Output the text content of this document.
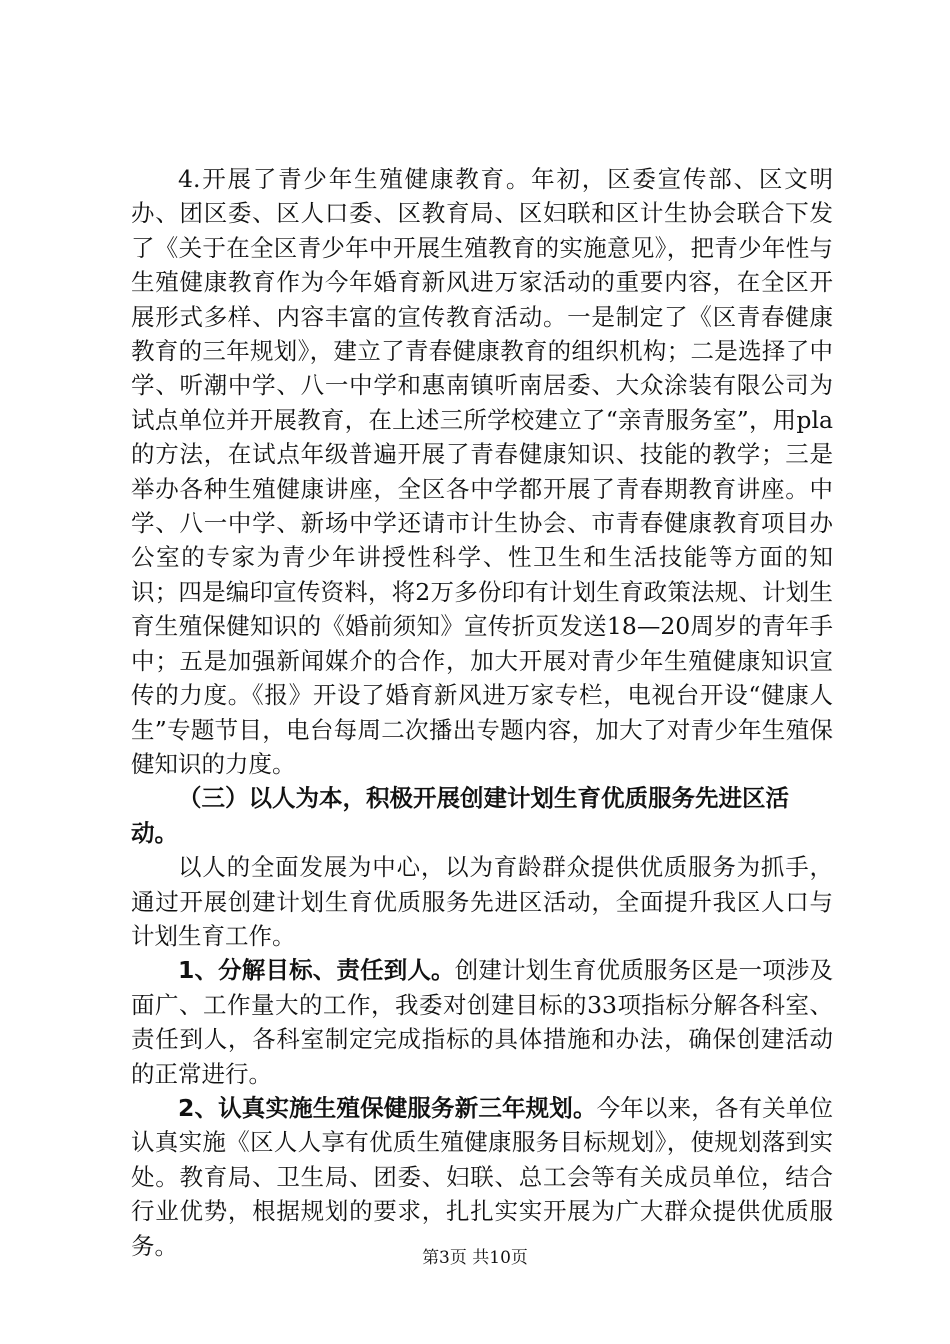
4.开展了青少年生殖健康教育。年初，区委宣传部、区文明办、团区委、区人口委、区教育局、区妇联和区计生协会联合下发了《关于在全区青少年中开展生殖教育的实施意见》，把青少年性与生殖健康教育作为今年婚育新风进万家活动的重要内容，在全区开展形式多样、内容丰富的宣传教育活动。一是制定了《区青春健康教育的三年规划》，建立了青春健康教育的组织机构；二是选择了中学、听潮中学、八一中学和惠南镇听南居委、大众涂装有限公司为试点单位并开展教育，在上述三所学校建立了“亲青服务室”，用pla的方法，在试点年级普遍开展了青春健康知识、技能的教学；三是举办各种生殖健康讲座，全区各中学都开展了青春期教育讲座。中学、八一中学、新场中学还请市计生协会、市青春健康教育项目办公室的专家为青少年讲授性科学、性卫生和生活技能等方面的知识；四是编印宣传资料，将2万多份印有计划生育政策法规、计划生育生殖保健知识的《婚前须知》宣传折页发送18—20周岁的青年手中；五是加强新闻媒介的合作，加大开展对青少年生殖健康知识宣传的力度。《报》开设了婚育新风进万家专栏，电视台开设“健康人生”专题节目，电台每周二次播出专题内容，加大了对青少年生殖保健知识的力度。

（三）以人为本，积极开展创建计划生育优质服务先进区活动。

以人的全面发展为中心，以为育龄群众提供优质服务为抓手，通过开展创建计划生育优质服务先进区活动，全面提升我区人口与计划生育工作。

1、分解目标、责任到人。创建计划生育优质服务区是一项涉及面广、工作量大的工作，我委对创建目标的33项指标分解各科室、责任到人，各科室制定完成指标的具体措施和办法，确保创建活动的正常进行。

2、认真实施生殖保健服务新三年规划。今年以来，各有关单位认真实施《区人人享有优质生殖健康服务目标规划》，使规划落到实处。教育局、卫生局、团委、妇联、总工会等有关成员单位，结合行业优势，根据规划的要求，扎扎实实开展为广大群众提供优质服务。	第3页 共10页
